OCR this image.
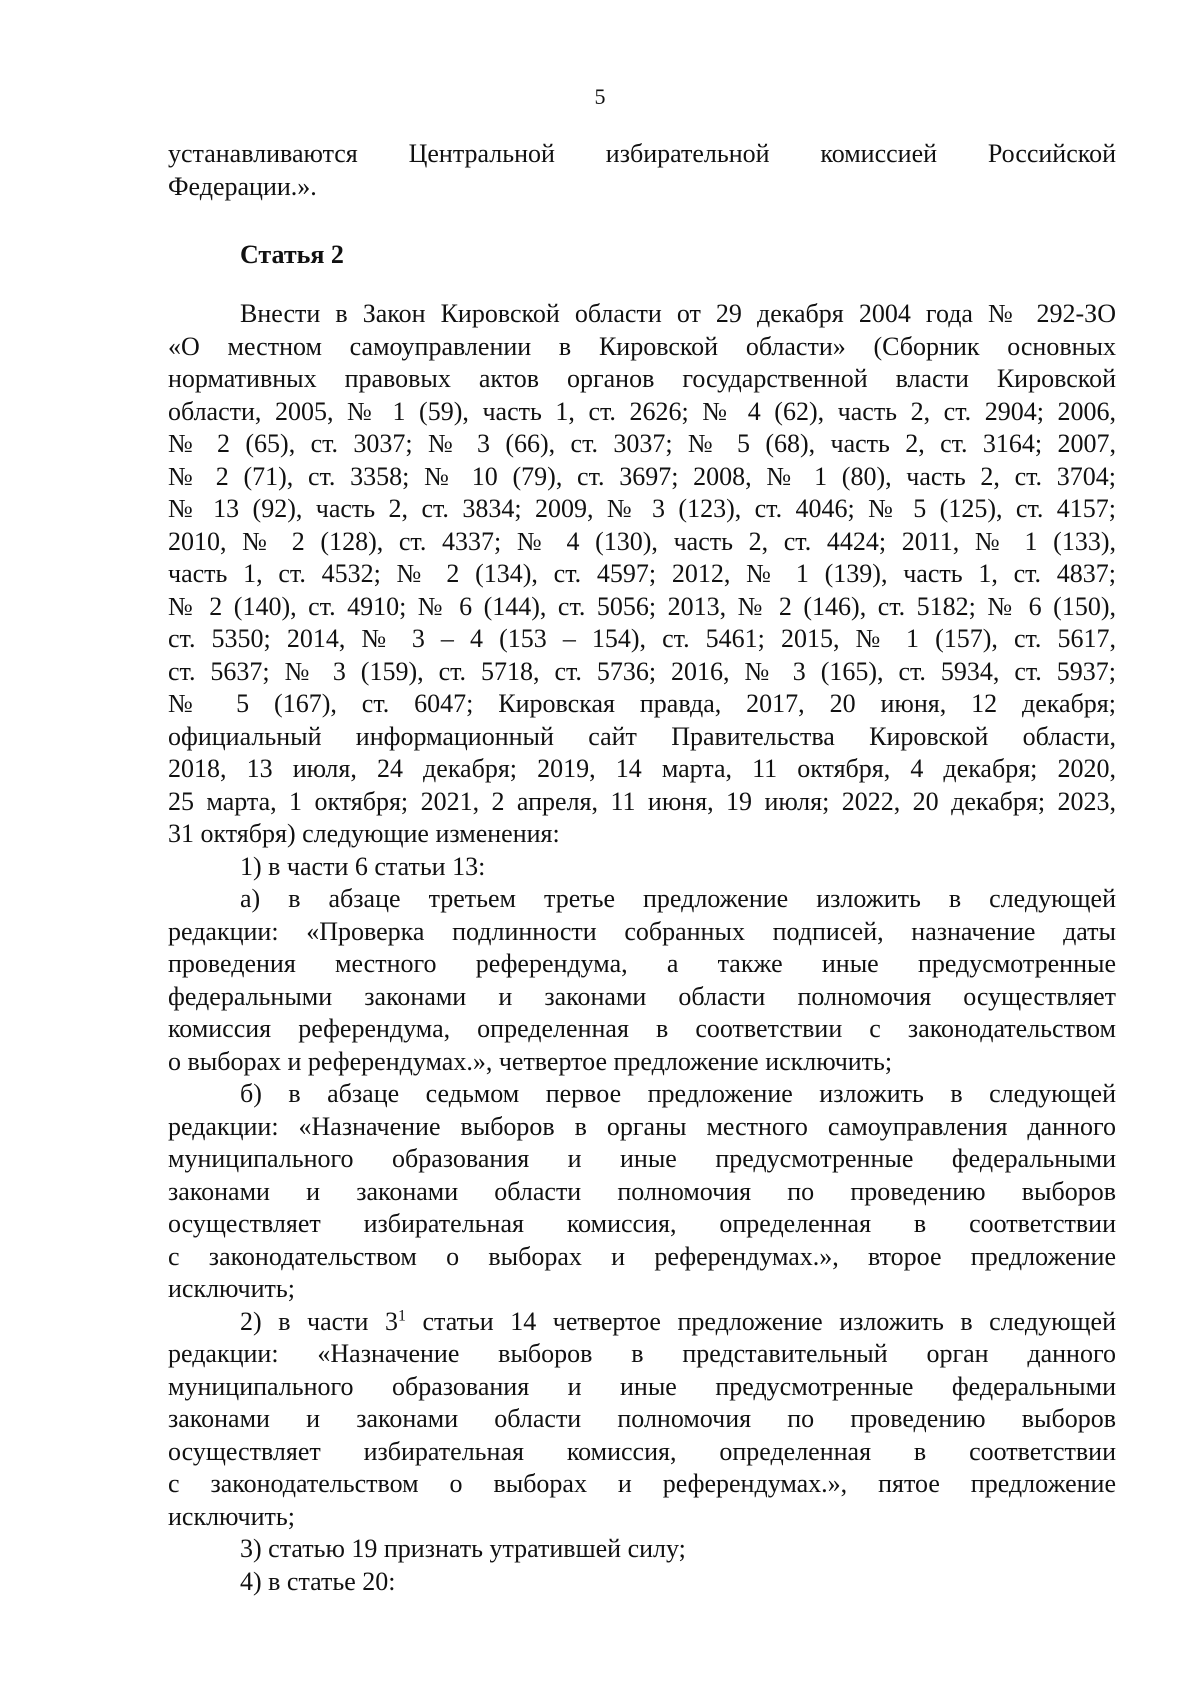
5
устанавливаются Центральной избирательной комиссией Российской
Федерации.».
Статья 2
Внести в Закон Кировской области от 29 декабря 2004 года № 292-ЗО
«О местном самоуправлении в Кировской области» (Сборник основных
нормативных правовых актов органов государственной власти Кировской
области, 2005, № 1 (59), часть 1, ст. 2626; № 4 (62), часть 2, ст. 2904; 2006,
№ 2 (65), ст. 3037; № 3 (66), ст. 3037; № 5 (68), часть 2, ст. 3164; 2007,
№ 2 (71), ст. 3358; № 10 (79), ст. 3697; 2008, № 1 (80), часть 2, ст. 3704;
№ 13 (92), часть 2, ст. 3834; 2009, № 3 (123), ст. 4046; № 5 (125), ст. 4157;
2010, № 2 (128), ст. 4337; № 4 (130), часть 2, ст. 4424; 2011, № 1 (133),
часть 1, ст. 4532; № 2 (134), ст. 4597; 2012, № 1 (139), часть 1, ст. 4837;
№ 2 (140), ст. 4910; № 6 (144), ст. 5056; 2013, № 2 (146), ст. 5182; № 6 (150),
ст. 5350; 2014, № 3 – 4 (153 – 154), ст. 5461; 2015, № 1 (157), ст. 5617,
ст. 5637; № 3 (159), ст. 5718, ст. 5736; 2016, № 3 (165), ст. 5934, ст. 5937;
№ 5 (167), ст. 6047; Кировская правда, 2017, 20 июня, 12 декабря;
официальный информационный сайт Правительства Кировской области,
2018, 13 июля, 24 декабря; 2019, 14 марта, 11 октября, 4 декабря; 2020,
25 марта, 1 октября; 2021, 2 апреля, 11 июня, 19 июля; 2022, 20 декабря; 2023,
31 октября) следующие изменения:
1) в части 6 статьи 13:
а) в абзаце третьем третье предложение изложить в следующей
редакции: «Проверка подлинности собранных подписей, назначение даты
проведения местного референдума, а также иные предусмотренные
федеральными законами и законами области полномочия осуществляет
комиссия референдума, определенная в соответствии с законодательством
о выборах и референдумах.», четвертое предложение исключить;
б) в абзаце седьмом первое предложение изложить в следующей
редакции: «Назначение выборов в органы местного самоуправления данного
муниципального образования и иные предусмотренные федеральными
законами и законами области полномочия по проведению выборов
осуществляет избирательная комиссия, определенная в соответствии
с законодательством о выборах и референдумах.», второе предложение
исключить;
2) в части $3^1$ статьи 14 четвертое предложение изложить в следующей
редакции: «Назначение выборов в представительный орган данного
муниципального образования и иные предусмотренные федеральными
законами и законами области полномочия по проведению выборов
осуществляет избирательная комиссия, определенная в соответствии
с законодательством о выборах и референдумах.», пятое предложение
исключить;
3) статью 19 признать утратившей силу;
4) в статье 20:
